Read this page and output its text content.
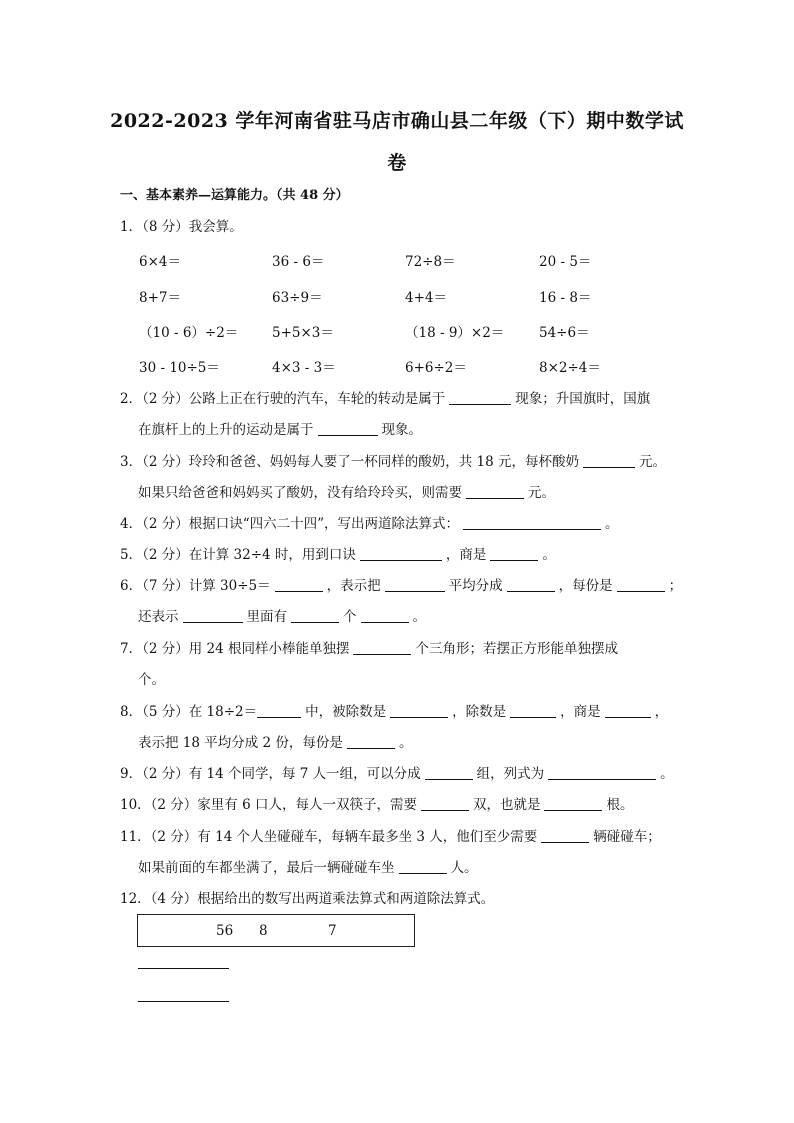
2022-2023 学年河南省驻马店市确山县二年级（下）期中数学试
卷
一、基本素养—运算能力。（共 48 分）
1．（8 分）我会算。
6×4＝	36 - 6＝	72÷8＝	20 - 5＝
8+7＝	63÷9＝	4+4＝	16 - 8＝
（10 - 6）÷2＝ 5+5×3＝	（18 - 9）×2＝	54÷6＝
30 - 10÷5＝	4×3 - 3＝	6+6÷2＝	8×2÷4＝
2．（2 分）公路上正在行驶的汽车，车轮的转动是属于	现象；升国旗时，国旗
在旗杆上的上升的运动是属于	现象。
3．（2 分）玲玲和爸爸、妈妈每人要了一杯同样的酸奶，共 18 元，每杯酸奶	元。
如果只给爸爸和妈妈买了酸奶，没有给玲玲买，则需要	元。
4．（2 分）根据口诀“四六二十四”，写出两道除法算式：	。
5．（2 分）在计算 32÷4 时，用到口诀	，商是	。
6．（7 分）计算 30÷5＝	，表示把	平均分成	，每份是	；
还表示	里面有	个	。
7．（2 分）用 24 根同样小棒能单独摆	个三角形；若摆正方形能单独摆成
个。
8．（5 分）在 18÷2＝	中，被除数是	，除数是	，商是	，
表示把 18 平均分成 2 份，每份是	。
9．（2 分）有 14 个同学，每 7 人一组，可以分成	组，列式为	。
10．（2 分）家里有 6 口人，每人一双筷子，需要	双，也就是	根。
11．（2 分）有 14 个人坐碰碰车，每辆车最多坐 3 人，他们至少需要	辆碰碰车；
如果前面的车都坐满了，最后一辆碰碰车坐	人。
12．（4 分）根据给出的数写出两道乘法算式和两道除法算式。
56 8	7
